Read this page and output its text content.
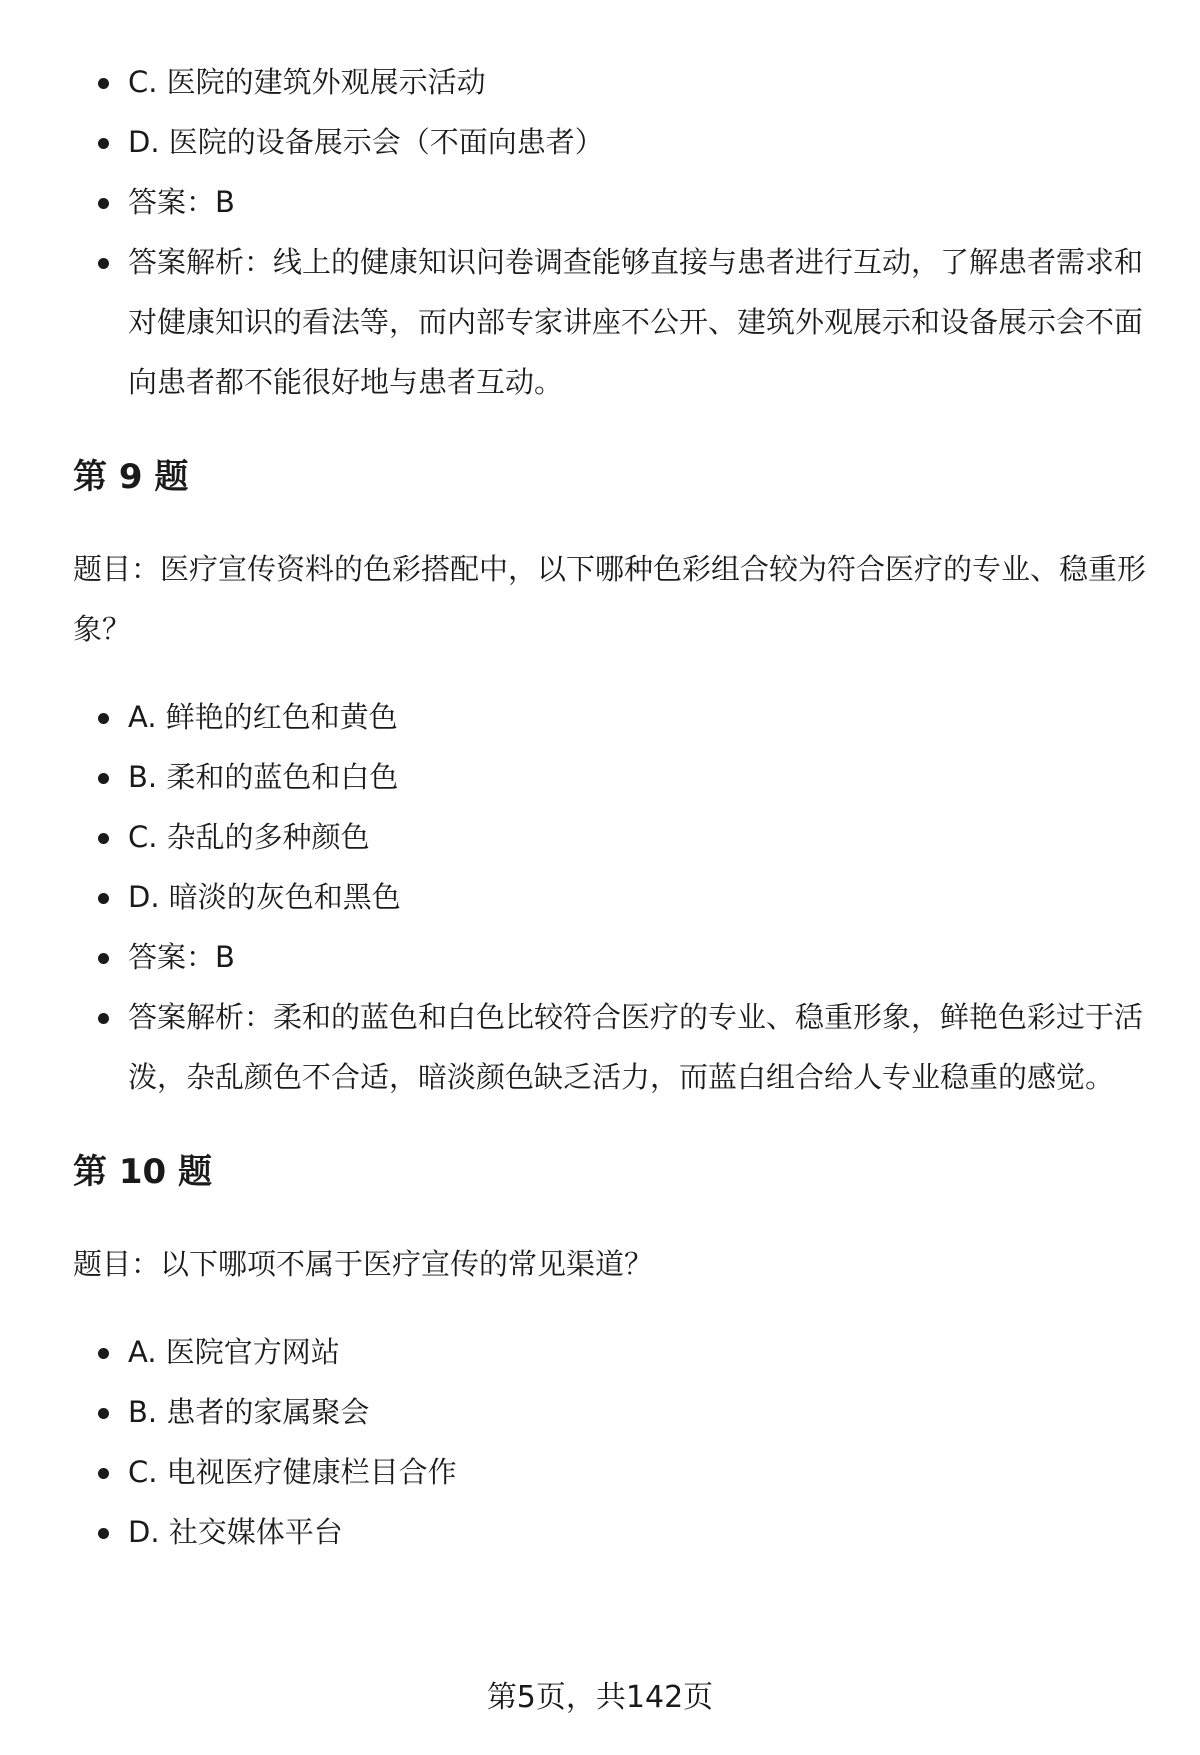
C. 医院的建筑外观展示活动
D. 医院的设备展示会（不面向患者）
答案：B
答案解析：线上的健康知识问卷调查能够直接与患者进行互动，了解患者需求和对健康知识的看法等，而内部专家讲座不公开、建筑外观展示和设备展示会不面向患者都不能很好地与患者互动。
第 9 题

题目：医疗宣传资料的色彩搭配中，以下哪种色彩组合较为符合医疗的专业、稳重形象？

A. 鲜艳的红色和黄色
B. 柔和的蓝色和白色
C. 杂乱的多种颜色
D. 暗淡的灰色和黑色
答案：B
答案解析：柔和的蓝色和白色比较符合医疗的专业、稳重形象，鲜艳色彩过于活泼，杂乱颜色不合适，暗淡颜色缺乏活力，而蓝白组合给人专业稳重的感觉。
第 10 题

题目：以下哪项不属于医疗宣传的常见渠道？

A. 医院官方网站
B. 患者的家属聚会
C. 电视医疗健康栏目合作
D. 社交媒体平台
第5页，共142页
